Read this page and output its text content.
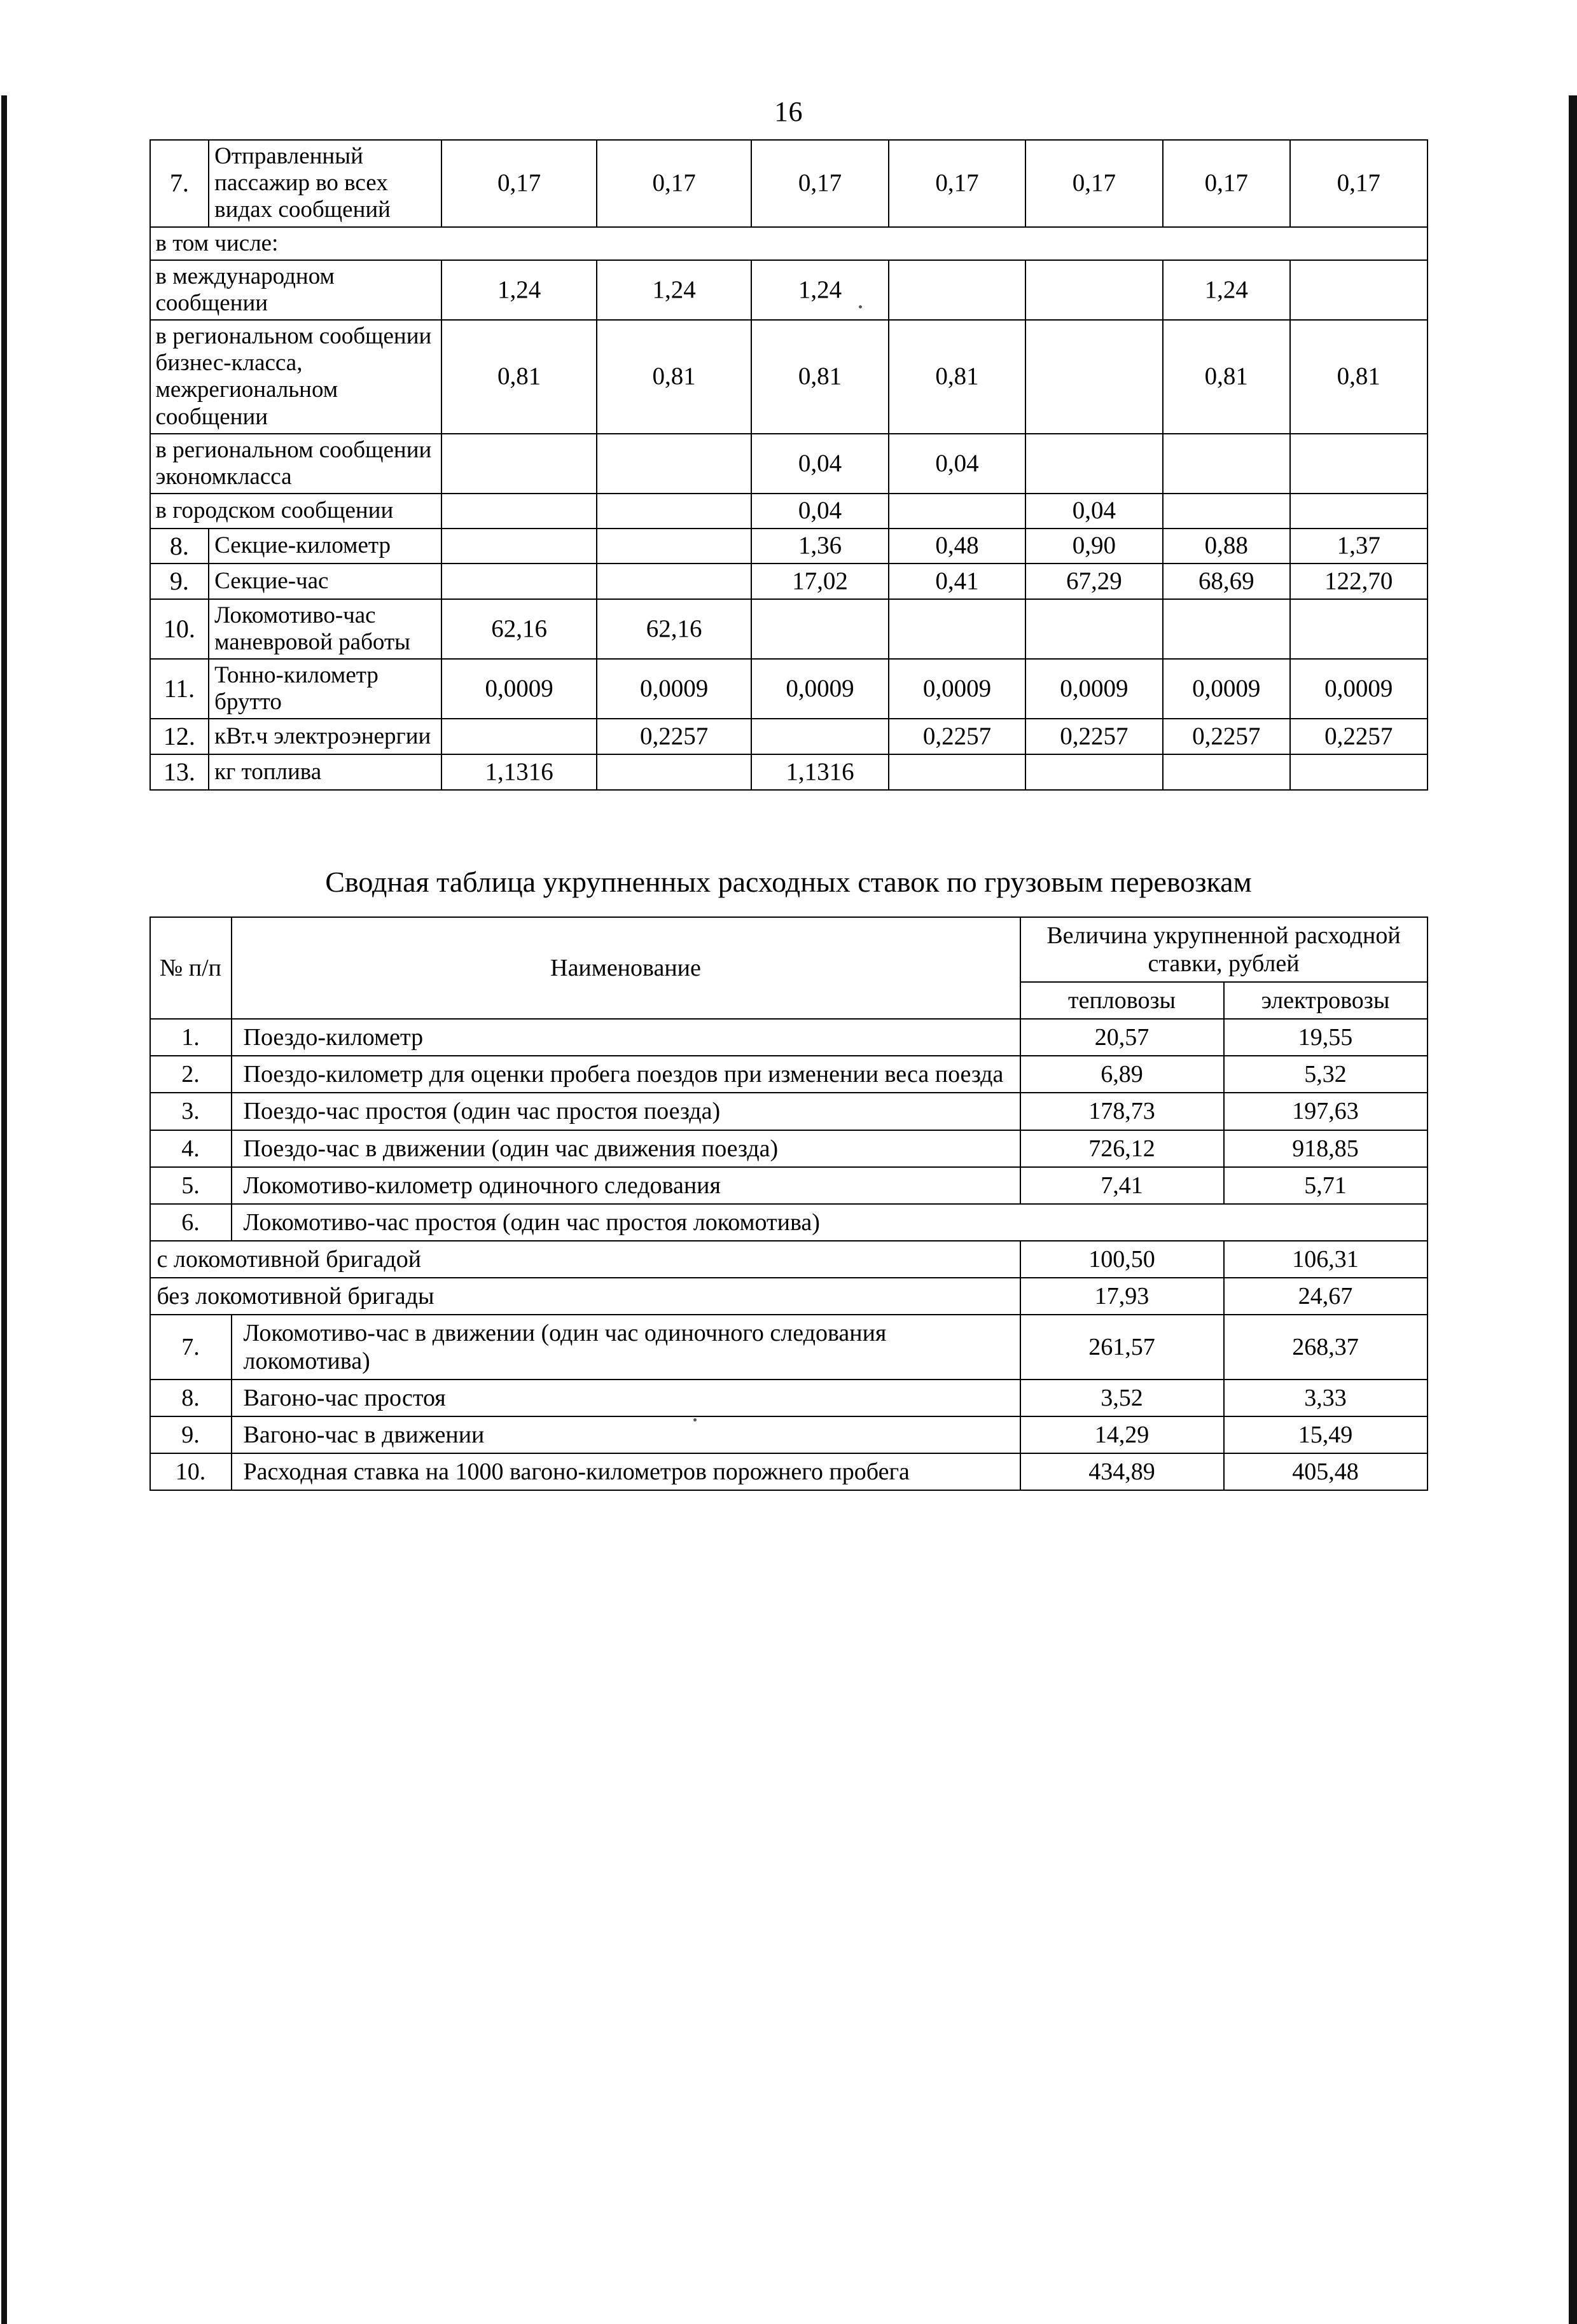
16
7.	Отправленный пассажир во всех видах сообщений	0,17	0,17	0,17	0,17	0,17	0,17	0,17
в том числе:								
в международном сообщении		1,24	1,24	1,24			1,24	
в региональном сообщении бизнес-класса, межрегиональном сообщении		0,81	0,81	0,81	0,81		0,81	0,81
в региональном сообщении экономкласса				0,04	0,04			
в городском сообщении				0,04		0,04		
8.	Секцие-километр			1,36	0,48	0,90	0,88	1,37
9.	Секцие-час			17,02	0,41	67,29	68,69	122,70
10.	Локомотиво-час маневровой работы	62,16	62,16					
11.	Тонно-километр брутто	0,0009	0,0009	0,0009	0,0009	0,0009	0,0009	0,0009
12.	кВт.ч электроэнергии		0,2257		0,2257	0,2257	0,2257	0,2257
13.	кг топлива	1,1316		1,1316				
Сводная таблица укрупненных расходных ставок по грузовым перевозкам
№ п/п	Наименование	Величина укрупненной расходной ставки, рублей	
		тепловозы	электровозы
1.	Поездо-километр	20,57	19,55
2.	Поездо-километр для оценки пробега поездов при изменении веса поезда	6,89	5,32
3.	Поездо-час простоя (один час простоя поезда)	178,73	197,63
4.	Поездо-час в движении (один час движения поезда)	726,12	918,85
5.	Локомотиво-километр одиночного следования	7,41	5,71
6.	Локомотиво-час простоя (один час простоя локомотива)		
с локомотивной бригадой		100,50	106,31
без локомотивной бригады		17,93	24,67
7.	Локомотиво-час в движении (один час одиночного следования локомотива)	261,57	268,37
8.	Вагоно-час простоя	3,52	3,33
9.	Вагоно-час в движении	14,29	15,49
10.	Расходная ставка на 1000 вагоно-километров порожнего пробега	434,89	405,48
